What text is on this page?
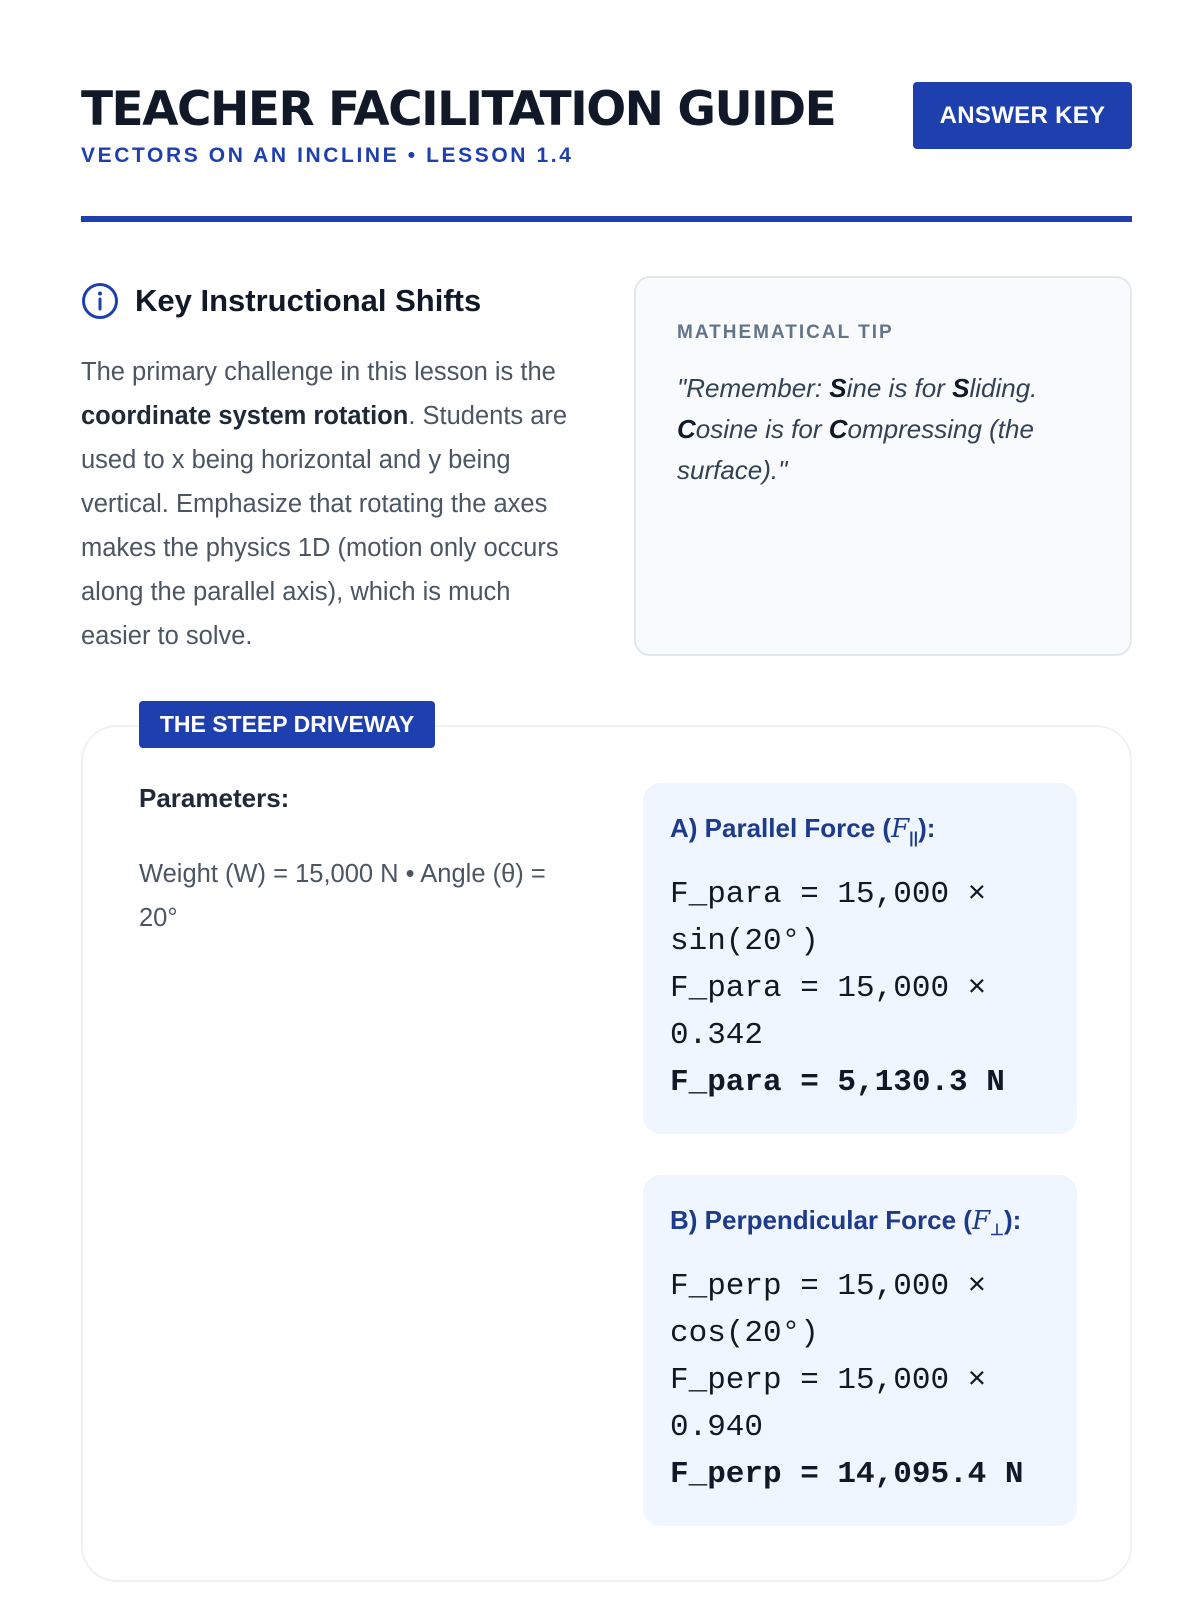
TEACHER FACILITATION GUIDE
VECTORS ON AN INCLINE • LESSON 1.4
ANSWER KEY
Key Instructional Shifts

The primary challenge in this lesson is the coordinate system rotation. Students are used to x being horizontal and y being vertical. Emphasize that rotating the axes makes the physics 1D (motion only occurs along the parallel axis), which is much easier to solve.

MATHEMATICAL TIP

"Remember: Sine is for Sliding. Cosine is for Compressing (the surface)."

THE STEEP DRIVEWAY
Parameters:

Weight (W) = 15,000 N • Angle (θ) = 20°

A) Parallel Force $(F_{||})$:
F_para = 15,000 × sin(20°)
F_para = 15,000 × 0.342
F_para = 5,130.3 N
B) Perpendicular Force $(F_\perp)$:
F_perp = 15,000 × cos(20°)
F_perp = 15,000 × 0.940
F_perp = 14,095.4 N
